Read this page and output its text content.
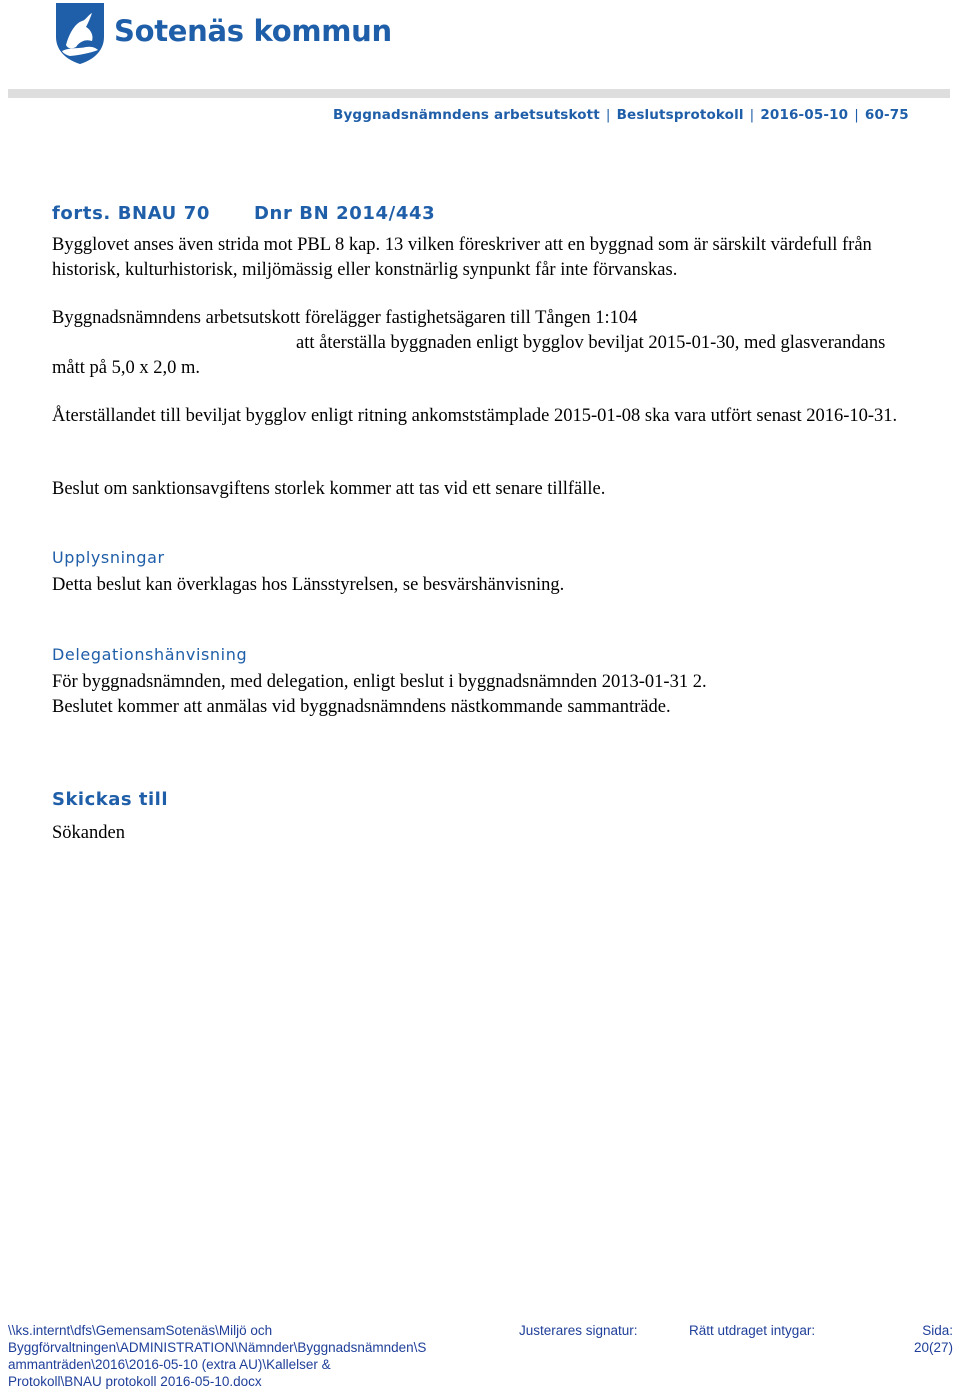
Sotenäs kommun
Byggnadsnämndens arbetsutskott | Beslutsprotokoll | 2016-05-10 | 60-75
forts. BNAU 70 Dnr BN 2014/443
Bygglovet anses även strida mot PBL 8 kap. 13 vilken föreskriver att en byggnad som är särskilt värdefull från historisk, kulturhistorisk, miljömässig eller konstnärlig synpunkt får inte förvanskas.
Byggnadsnämndens arbetsutskott förelägger fastighetsägaren till Tången 1:104
att återställa byggnaden enligt bygglov beviljat 2015-01-30, med glasverandans mått på 5,0 x 2,0 m.
Återställandet till beviljat bygglov enligt ritning ankomststämplade 2015-01-08 ska vara utfört senast 2016-10-31.
Beslut om sanktionsavgiftens storlek kommer att tas vid ett senare tillfälle.
Upplysningar
Detta beslut kan överklagas hos Länsstyrelsen, se besvärshänvisning.
Delegationshänvisning
För byggnadsnämnden, med delegation, enligt beslut i byggnadsnämnden 2013-01-31 2.
Beslutet kommer att anmälas vid byggnadsnämndens nästkommande sammanträde.
Skickas till
Sökanden
\\ks.internt\dfs\GemensamSotenäs\Miljö och
Byggförvaltningen\ADMINISTRATION\Nämnder\Byggnadsnämnden\S
ammanträden\2016\2016-05-10 (extra AU)\Kallelser &
Protokoll\BNAU protokoll 2016-05-10.docx
Justerares signatur:	Rätt utdraget intygar:	Sida:
20(27)
